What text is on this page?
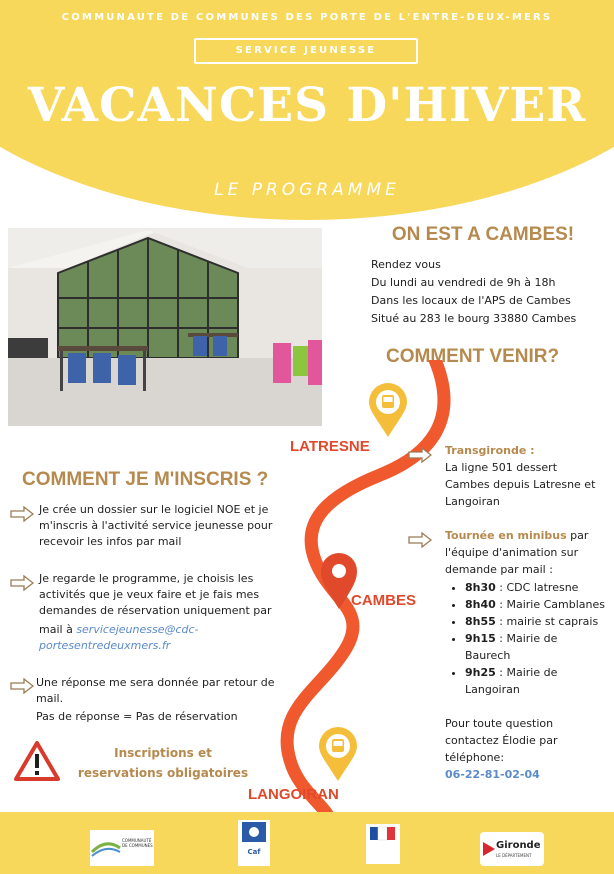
COMMUNAUTE DE COMMUNES DES PORTE DE L'ENTRE-DEUX-MERS
SERVICE JEUNESSE
VACANCES D'HIVER
LE PROGRAMME
ON EST A CAMBES!
Rendez vous
Du lundi au vendredi de 9h à 18h
Dans les locaux de l'APS de Cambes
Situé au 283 le bourg 33880 Cambes
COMMENT VENIR?
LATRESNE
CAMBES
LANGOIRAN
Transgironde :
La ligne 501 dessert
Cambes depuis Latresne et
Langoiran
Tournée en minibus par
l'équipe d'animation sur
demande par mail :
• 8h30 : CDC latresne
• 8h40 : Mairie Camblanes
• 8h55 : mairie st caprais
• 9h15 : Mairie de Baurech
• 9h25 : Mairie de Langoiran
Pour toute question
contactez Élodie par
téléphone:
06-22-81-02-04
COMMENT JE M'INSCRIS ?
Je crée un dossier sur le logiciel NOE et je
m'inscris à l'activité service jeunesse pour
recevoir les infos par mail
Je regarde le programme, je choisis les
activités que je veux faire et je fais mes
demandes de réservation uniquement par
mail à servicejeunesse@cdc-
portesentredeuxmers.fr
Une réponse me sera donnée par retour de
mail.
Pas de réponse = Pas de réservation
Inscriptions et
reservations obligatoires
COMMUNAUTÉ DE COMMUNES
Caf
Gironde
LE DÉPARTEMENT
